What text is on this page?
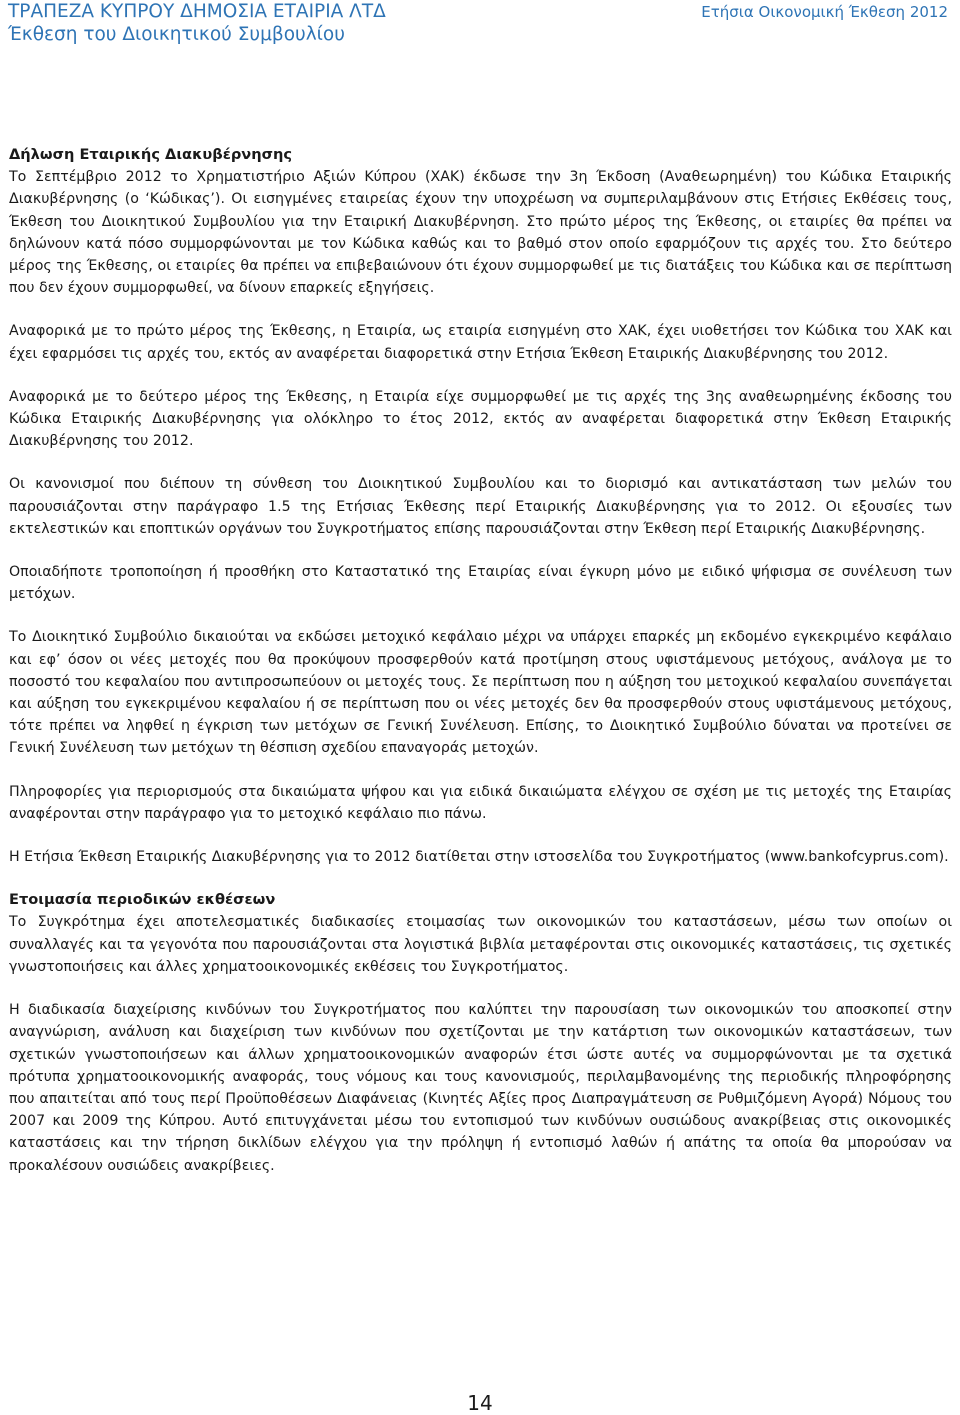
ΤΡΑΠΕΖΑ ΚΥΠΡΟΥ ΔΗΜΟΣΙΑ ΕΤΑΙΡΙΑ ΛΤΔ
Έκθεση του Διοικητικού Συμβουλίου
Ετήσια Οικονομική Έκθεση 2012
Δήλωση Εταιρικής Διακυβέρνησης

Το Σεπτέμβριο 2012 το Χρηματιστήριο Αξιών Κύπρου (ΧΑΚ) έκδωσε την 3η Έκδοση (Αναθεωρημένη) του Κώδικα Εταιρικής Διακυβέρνησης (ο ‘Κώδικας’). Οι εισηγμένες εταιρείας έχουν την υποχρέωση να συμπεριλαμβάνουν στις Ετήσιες Εκθέσεις τους, Έκθεση του Διοικητικού Συμβουλίου για την Εταιρική Διακυβέρνηση. Στο πρώτο μέρος της Έκθεσης, οι εταιρίες θα πρέπει να δηλώνουν κατά πόσο συμμορφώνονται με τον Κώδικα καθώς και το βαθμό στον οποίο εφαρμόζουν τις αρχές του. Στο δεύτερο μέρος της Έκθεσης, οι εταιρίες θα πρέπει να επιβεβαιώνουν ότι έχουν συμμορφωθεί με τις διατάξεις του Κώδικα και σε περίπτωση που δεν έχουν συμμορφωθεί, να δίνουν επαρκείς εξηγήσεις.

Αναφορικά με το πρώτο μέρος της Έκθεσης, η Εταιρία, ως εταιρία εισηγμένη στο ΧΑΚ, έχει υιοθετήσει τον Κώδικα του ΧΑΚ και έχει εφαρμόσει τις αρχές του, εκτός αν αναφέρεται διαφορετικά στην Ετήσια Έκθεση Εταιρικής Διακυβέρνησης του 2012.

Αναφορικά με το δεύτερο μέρος της Έκθεσης, η Εταιρία είχε συμμορφωθεί με τις αρχές της 3ης αναθεωρημένης έκδοσης του Κώδικα Εταιρικής Διακυβέρνησης για ολόκληρο το έτος 2012, εκτός αν αναφέρεται διαφορετικά στην Έκθεση Εταιρικής Διακυβέρνησης του 2012.

Οι κανονισμοί που διέπουν τη σύνθεση του Διοικητικού Συμβουλίου και το διορισμό και αντικατάσταση των μελών του παρουσιάζονται στην παράγραφο 1.5 της Ετήσιας Έκθεσης περί Εταιρικής Διακυβέρνησης για το 2012. Οι εξουσίες των εκτελεστικών και εποπτικών οργάνων του Συγκροτήματος επίσης παρουσιάζονται στην Έκθεση περί Εταιρικής Διακυβέρνησης.

Οποιαδήποτε τροποποίηση ή προσθήκη στο Καταστατικό της Εταιρίας είναι έγκυρη μόνο με ειδικό ψήφισμα σε συνέλευση των μετόχων.

Το Διοικητικό Συμβούλιο δικαιούται να εκδώσει μετοχικό κεφάλαιο μέχρι να υπάρχει επαρκές μη εκδομένο εγκεκριμένο κεφάλαιο και εφ’ όσον οι νέες μετοχές που θα προκύψουν προσφερθούν κατά προτίμηση στους υφιστάμενους μετόχους, ανάλογα με το ποσοστό του κεφαλαίου που αντιπροσωπεύουν οι μετοχές τους. Σε περίπτωση που η αύξηση του μετοχικού κεφαλαίου συνεπάγεται και αύξηση του εγκεκριμένου κεφαλαίου ή σε περίπτωση που οι νέες μετοχές δεν θα προσφερθούν στους υφιστάμενους μετόχους, τότε πρέπει να ληφθεί η έγκριση των μετόχων σε Γενική Συνέλευση. Επίσης, το Διοικητικό Συμβούλιο δύναται να προτείνει σε Γενική Συνέλευση των μετόχων τη θέσπιση σχεδίου επαναγοράς μετοχών.

Πληροφορίες για περιορισμούς στα δικαιώματα ψήφου και για ειδικά δικαιώματα ελέγχου σε σχέση με τις μετοχές της Εταιρίας αναφέρονται στην παράγραφο για το μετοχικό κεφάλαιο πιο πάνω.

Η Ετήσια Έκθεση Εταιρικής Διακυβέρνησης για το 2012 διατίθεται στην ιστοσελίδα του Συγκροτήματος (www.bankofcyprus.com).

Ετοιμασία περιοδικών εκθέσεων

Το Συγκρότημα έχει αποτελεσματικές διαδικασίες ετοιμασίας των οικονομικών του καταστάσεων, μέσω των οποίων οι συναλλαγές και τα γεγονότα που παρουσιάζονται στα λογιστικά βιβλία μεταφέρονται στις οικονομικές καταστάσεις, τις σχετικές γνωστοποιήσεις και άλλες χρηματοοικονομικές εκθέσεις του Συγκροτήματος.

Η διαδικασία διαχείρισης κινδύνων του Συγκροτήματος που καλύπτει την παρουσίαση των οικονομικών του αποσκοπεί στην αναγνώριση, ανάλυση και διαχείριση των κινδύνων που σχετίζονται με την κατάρτιση των οικονομικών καταστάσεων, των σχετικών γνωστοποιήσεων και άλλων χρηματοοικονομικών αναφορών έτσι ώστε αυτές να συμμορφώνονται με τα σχετικά πρότυπα χρηματοοικονομικής αναφοράς, τους νόμους και τους κανονισμούς, περιλαμβανομένης της περιοδικής πληροφόρησης που απαιτείται από τους περί Προϋποθέσεων Διαφάνειας (Κινητές Αξίες προς Διαπραγμάτευση σε Ρυθμιζόμενη Αγορά) Νόμους του 2007 και 2009 της Κύπρου. Αυτό επιτυγχάνεται μέσω του εντοπισμού των κινδύνων ουσιώδους ανακρίβειας στις οικονομικές καταστάσεις και την τήρηση δικλίδων ελέγχου για την πρόληψη ή εντοπισμό λαθών ή απάτης τα οποία θα μπορούσαν να προκαλέσουν ουσιώδεις ανακρίβειες.

14
